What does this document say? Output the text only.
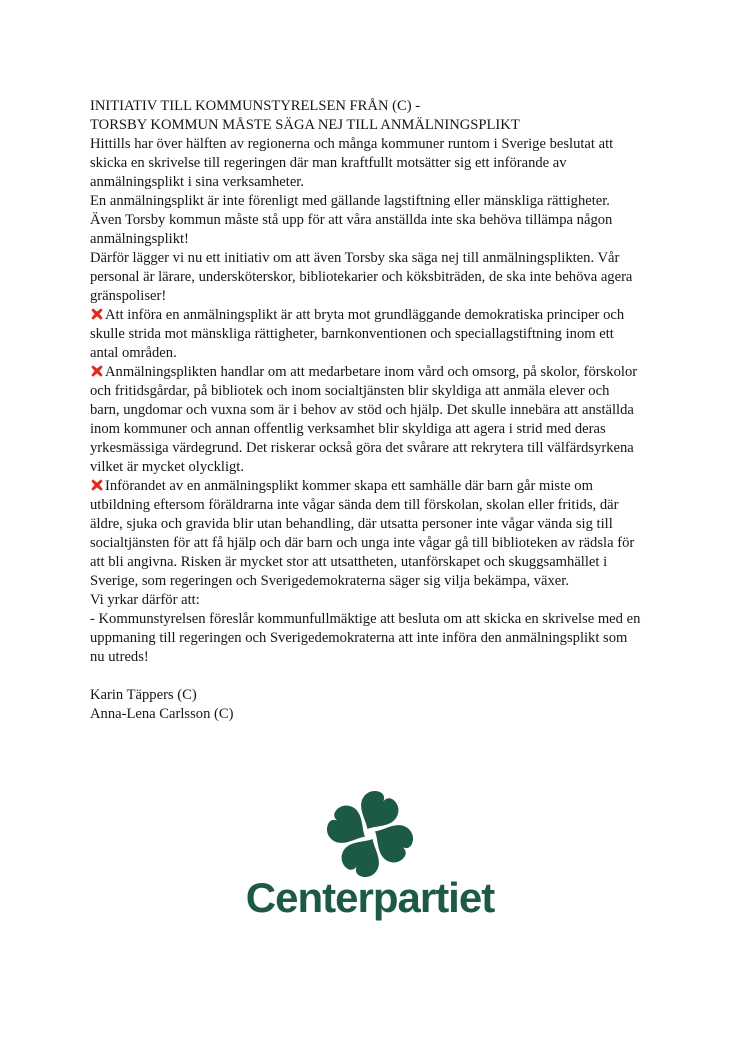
INITIATIV TILL KOMMUNSTYRELSEN FRÅN (C) -
TORSBY KOMMUN MÅSTE SÄGA NEJ TILL ANMÄLNINGSPLIKT
Hittills har över hälften av regionerna och många kommuner runtom i Sverige beslutat att
skicka en skrivelse till regeringen där man kraftfullt motsätter sig ett införande av
anmälningsplikt i sina verksamheter.
En anmälningsplikt är inte förenligt med gällande lagstiftning eller mänskliga rättigheter.
Även Torsby kommun måste stå upp för att våra anställda inte ska behöva tillämpa någon
anmälningsplikt!
Därför lägger vi nu ett initiativ om att även Torsby ska säga nej till anmälningsplikten. Vår
personal är lärare, undersköterskor, bibliotekarier och köksbiträden, de ska inte behöva agera
gränspoliser!
Att införa en anmälningsplikt är att bryta mot grundläggande demokratiska principer och
skulle strida mot mänskliga rättigheter, barnkonventionen och speciallagstiftning inom ett
antal områden.
Anmälningsplikten handlar om att medarbetare inom vård och omsorg, på skolor, förskolor
och fritidsgårdar, på bibliotek och inom socialtjänsten blir skyldiga att anmäla elever och
barn, ungdomar och vuxna som är i behov av stöd och hjälp. Det skulle innebära att anställda
inom kommuner och annan offentlig verksamhet blir skyldiga att agera i strid med deras
yrkesmässiga värdegrund. Det riskerar också göra det svårare att rekrytera till välfärdsyrkena
vilket är mycket olyckligt.
Införandet av en anmälningsplikt kommer skapa ett samhälle där barn går miste om
utbildning eftersom föräldrarna inte vågar sända dem till förskolan, skolan eller fritids, där
äldre, sjuka och gravida blir utan behandling, där utsatta personer inte vågar vända sig till
socialtjänsten för att få hjälp och där barn och unga inte vågar gå till biblioteken av rädsla för
att bli angivna. Risken är mycket stor att utsattheten, utanförskapet och skuggsamhället i
Sverige, som regeringen och Sverigedemokraterna säger sig vilja bekämpa, växer.
Vi yrkar därför att:
- Kommunstyrelsen föreslår kommunfullmäktige att besluta om att skicka en skrivelse med en
uppmaning till regeringen och Sverigedemokraterna att inte införa den anmälningsplikt som
nu utreds!
Karin Täppers (C)
Anna-Lena Carlsson (C)
Centerpartiet
